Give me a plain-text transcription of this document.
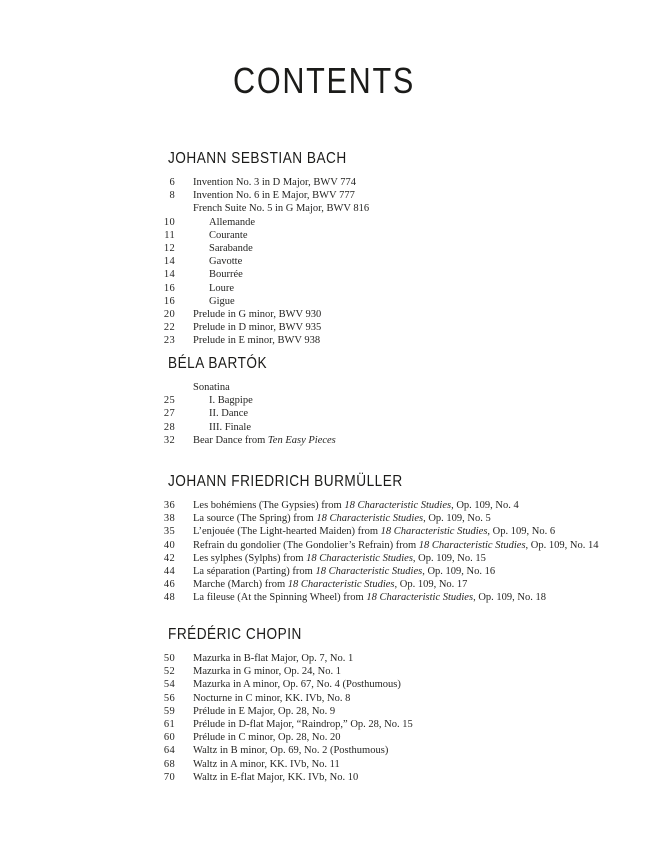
CONTENTS
JOHANN SEBSTIAN BACH
6 Invention No. 3 in D Major, BWV 774
8 Invention No. 6 in E Major, BWV 777
French Suite No. 5 in G Major, BWV 816
10	Allemande
11	Courante
12	Sarabande
14	Gavotte
14	Bourrée
16	Loure
16	Gigue
20 Prelude in G minor, BWV 930
22 Prelude in D minor, BWV 935
23 Prelude in E minor, BWV 938
BÉLA BARTÓK
Sonatina
25	I. Bagpipe
27	II. Dance
28	III. Finale
32 Bear Dance from Ten Easy Pieces
JOHANN FRIEDRICH BURMÜLLER
36 Les bohémiens (The Gypsies) from 18 Characteristic Studies, Op. 109, No. 4
38 La source (The Spring) from 18 Characteristic Studies, Op. 109, No. 5
35 L’enjouée (The Light-hearted Maiden) from 18 Characteristic Studies, Op. 109, No. 6
40 Refrain du gondolier (The Gondolier’s Refrain) from 18 Characteristic Studies, Op. 109, No. 14
42 Les sylphes (Sylphs) from 18 Characteristic Studies, Op. 109, No. 15
44 La séparation (Parting) from 18 Characteristic Studies, Op. 109, No. 16
46 Marche (March) from 18 Characteristic Studies, Op. 109, No. 17
48 La fileuse (At the Spinning Wheel) from 18 Characteristic Studies, Op. 109, No. 18
FRÉDÉRIC CHOPIN
50 Mazurka in B-flat Major, Op. 7, No. 1
52 Mazurka in G minor, Op. 24, No. 1
54 Mazurka in A minor, Op. 67, No. 4 (Posthumous)
56 Nocturne in C minor, KK. IVb, No. 8
59 Prélude in E Major, Op. 28, No. 9
61 Prélude in D-flat Major, “Raindrop,” Op. 28, No. 15
60 Prélude in C minor, Op. 28, No. 20
64 Waltz in B minor, Op. 69, No. 2 (Posthumous)
68 Waltz in A minor, KK. IVb, No. 11
70 Waltz in E-flat Major, KK. IVb, No. 10
